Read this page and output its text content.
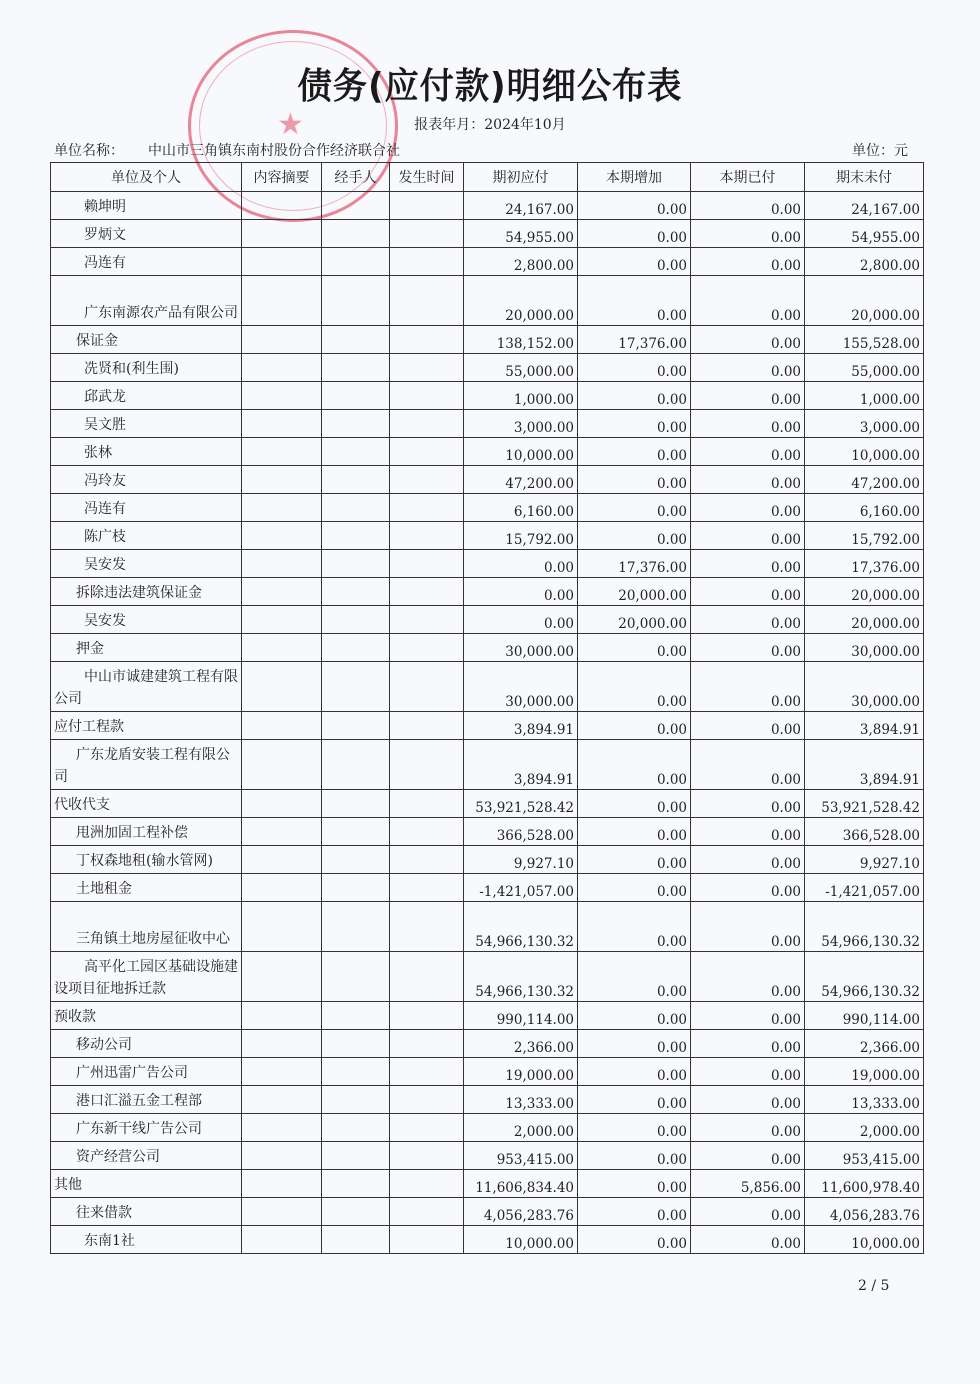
★
债务(应付款)明细公布表
报表年月：2024年10月
单位名称： 中山市三角镇东南村股份合作经济联合社	单位：元
单位及个人	内容摘要	经手人	发生时间	期初应付	本期增加	本期已付	期末未付
赖坤明				24,167.00	0.00	0.00	24,167.00
罗炳文				54,955.00	0.00	0.00	54,955.00
冯连有				2,800.00	0.00	0.00	2,800.00
广东南源农产品有限公司				20,000.00	0.00	0.00	20,000.00
保证金				138,152.00	17,376.00	0.00	155,528.00
冼贤和(利生围)				55,000.00	0.00	0.00	55,000.00
邱武龙				1,000.00	0.00	0.00	1,000.00
吴文胜				3,000.00	0.00	0.00	3,000.00
张林				10,000.00	0.00	0.00	10,000.00
冯玲友				47,200.00	0.00	0.00	47,200.00
冯连有				6,160.00	0.00	0.00	6,160.00
陈广枝				15,792.00	0.00	0.00	15,792.00
吴安发				0.00	17,376.00	0.00	17,376.00
拆除违法建筑保证金				0.00	20,000.00	0.00	20,000.00
吴安发				0.00	20,000.00	0.00	20,000.00
押金				30,000.00	0.00	0.00	30,000.00
中山市诚建建筑工程有限公司				30,000.00	0.00	0.00	30,000.00
应付工程款				3,894.91	0.00	0.00	3,894.91
广东龙盾安装工程有限公司				3,894.91	0.00	0.00	3,894.91
代收代支				53,921,528.42	0.00	0.00	53,921,528.42
甩洲加固工程补偿				366,528.00	0.00	0.00	366,528.00
丁权森地租(输水管网)				9,927.10	0.00	0.00	9,927.10
土地租金				-1,421,057.00	0.00	0.00	-1,421,057.00
三角镇土地房屋征收中心				54,966,130.32	0.00	0.00	54,966,130.32
高平化工园区基础设施建设项目征地拆迁款				54,966,130.32	0.00	0.00	54,966,130.32
预收款				990,114.00	0.00	0.00	990,114.00
移动公司				2,366.00	0.00	0.00	2,366.00
广州迅雷广告公司				19,000.00	0.00	0.00	19,000.00
港口汇溢五金工程部				13,333.00	0.00	0.00	13,333.00
广东新干线广告公司				2,000.00	0.00	0.00	2,000.00
资产经营公司				953,415.00	0.00	0.00	953,415.00
其他				11,606,834.40	0.00	5,856.00	11,600,978.40
往来借款				4,056,283.76	0.00	0.00	4,056,283.76
东南1社				10,000.00	0.00	0.00	10,000.00
2 / 5
